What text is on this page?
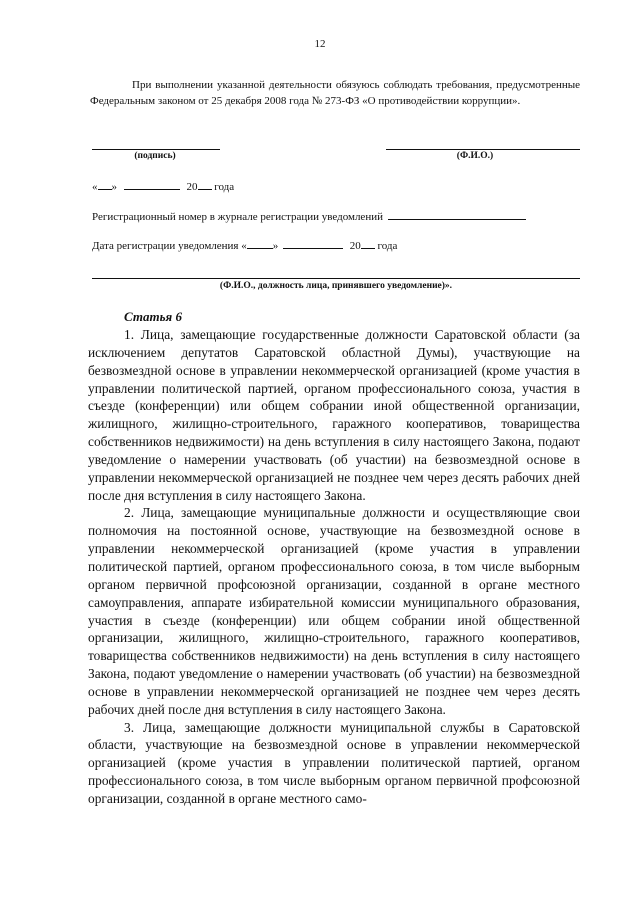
12

При выполнении указанной деятельности обязуюсь соблюдать требования, предусмотренные Федеральным законом от 25 декабря 2008 года № 273-ФЗ «О противодействии коррупции».

(подпись)	(Ф.И.О.)
« »	20 года
Регистрационный номер в журнале регистрации уведомлений
Дата регистрации уведомления « »	20 года
(Ф.И.О., должность лица, принявшего уведомление)».
Статья 6

1. Лица, замещающие государственные должности Саратовской области (за исключением депутатов Саратовской областной Думы), участвующие на безвозмездной основе в управлении некоммерческой организацией (кроме участия в управлении политической партией, органом профессионального союза, участия в съезде (конференции) или общем собрании иной общественной организации, жилищного, жилищно-строительного, гаражного кооперативов, товарищества собственников недвижимости) на день вступления в силу настоящего Закона, подают уведомление о намерении участвовать (об участии) на безвозмездной основе в управлении некоммерческой организацией не позднее чем через десять рабочих дней после дня вступления в силу настоящего Закона.

2. Лица, замещающие муниципальные должности и осуществляющие свои полномочия на постоянной основе, участвующие на безвозмездной основе в управлении некоммерческой организацией (кроме участия в управлении политической партией, органом профессионального союза, в том числе выборным органом первичной профсоюзной организации, созданной в органе местного самоуправления, аппарате избирательной комиссии муниципального образования, участия в съезде (конференции) или общем собрании иной общественной организации, жилищного, жилищно-строительного, гаражного кооперативов, товарищества собственников недвижимости) на день вступления в силу настоящего Закона, подают уведомление о намерении участвовать (об участии) на безвозмездной основе в управлении некоммерческой организацией не позднее чем через десять рабочих дней после дня вступления в силу настоящего Закона.

3. Лица, замещающие должности муниципальной службы в Саратовской области, участвующие на безвозмездной основе в управлении некоммерческой организацией (кроме участия в управлении политической партией, органом профессионального союза, в том числе выборным органом первичной профсоюзной организации, созданной в органе местного само-
